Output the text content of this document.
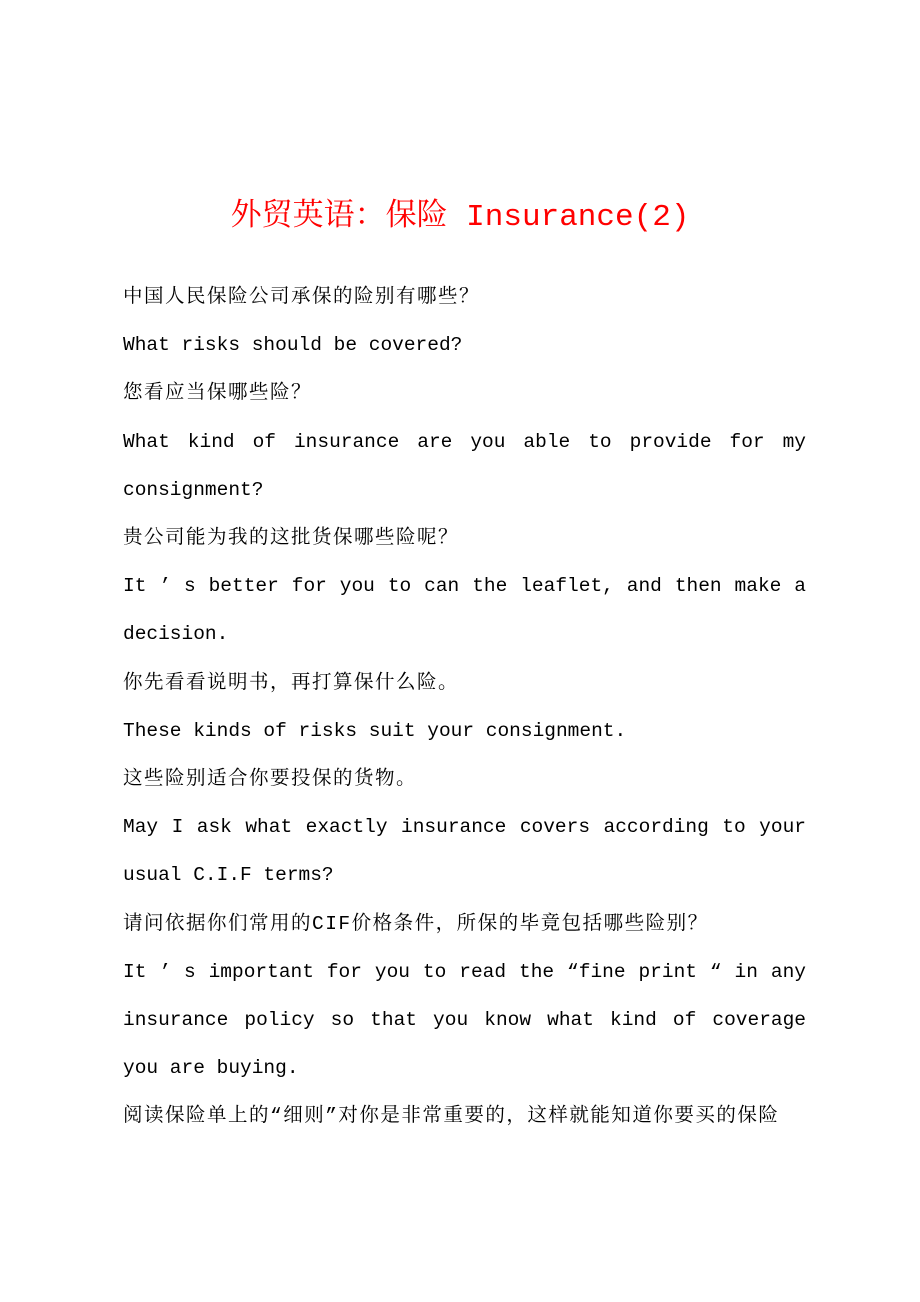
外贸英语：保险 Insurance(2)

中国人民保险公司承保的险别有哪些？

What risks should be covered?

您看应当保哪些险？

What kind of insurance are you able to provide for my consignment?

贵公司能为我的这批货保哪些险呢？

It ’ s better for you to can the leaflet, and then make a decision.

你先看看说明书，再打算保什么险。

These kinds of risks suit your consignment.

这些险别适合你要投保的货物。

May I ask what exactly insurance covers according to your usual C.I.F terms?

请问依据你们常用的CIF价格条件，所保的毕竟包括哪些险别？

It ’ s important for you to read the “fine print “ in any insurance policy so that you know what kind of coverage you are buying.

阅读保险单上的“细则”对你是非常重要的，这样就能知道你要买的保险
